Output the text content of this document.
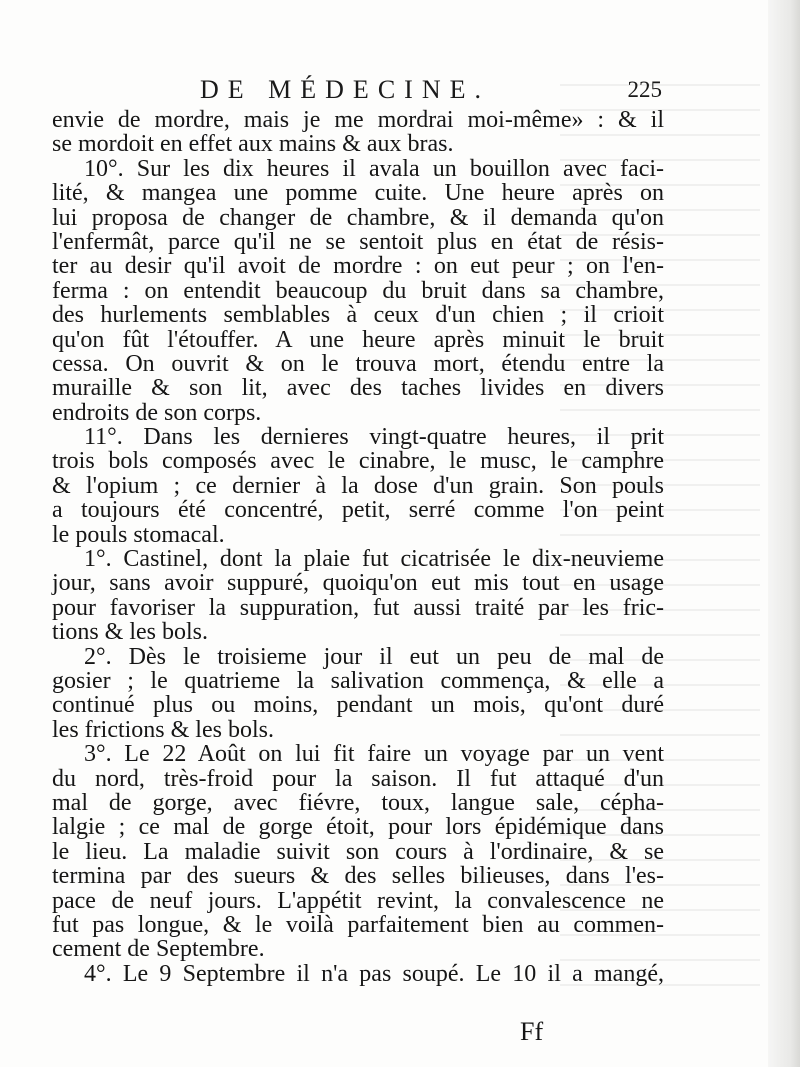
DE MÉDECINE.	225
envie de mordre, mais je me mordrai moi-même» : & il
se mordoit en effet aux mains & aux bras.
10°. Sur les dix heures il avala un bouillon avec faci-
lité, & mangea une pomme cuite. Une heure après on
lui proposa de changer de chambre, & il demanda qu'on
l'enfermât, parce qu'il ne se sentoit plus en état de résis-
ter au desir qu'il avoit de mordre : on eut peur ; on l'en-
ferma : on entendit beaucoup du bruit dans sa chambre,
des hurlements semblables à ceux d'un chien ; il crioit
qu'on fût l'étouffer. A une heure après minuit le bruit
cessa. On ouvrit & on le trouva mort, étendu entre la
muraille & son lit, avec des taches livides en divers
endroits de son corps.
11°. Dans les dernieres vingt-quatre heures, il prit
trois bols composés avec le cinabre, le musc, le camphre
& l'opium ; ce dernier à la dose d'un grain. Son pouls
a toujours été concentré, petit, serré comme l'on peint
le pouls stomacal.
1°. Castinel, dont la plaie fut cicatrisée le dix-neuvieme
jour, sans avoir suppuré, quoiqu'on eut mis tout en usage
pour favoriser la suppuration, fut aussi traité par les fric-
tions & les bols.
2°. Dès le troisieme jour il eut un peu de mal de
gosier ; le quatrieme la salivation commença, & elle a
continué plus ou moins, pendant un mois, qu'ont duré
les frictions & les bols.
3°. Le 22 Août on lui fit faire un voyage par un vent
du nord, très-froid pour la saison. Il fut attaqué d'un
mal de gorge, avec fiévre, toux, langue sale, cépha-
lalgie ; ce mal de gorge étoit, pour lors épidémique dans
le lieu. La maladie suivit son cours à l'ordinaire, & se
termina par des sueurs & des selles bilieuses, dans l'es-
pace de neuf jours. L'appétit revint, la convalescence ne
fut pas longue, & le voilà parfaitement bien au commen-
cement de Septembre.
4°. Le 9 Septembre il n'a pas soupé. Le 10 il a mangé,
Ff
